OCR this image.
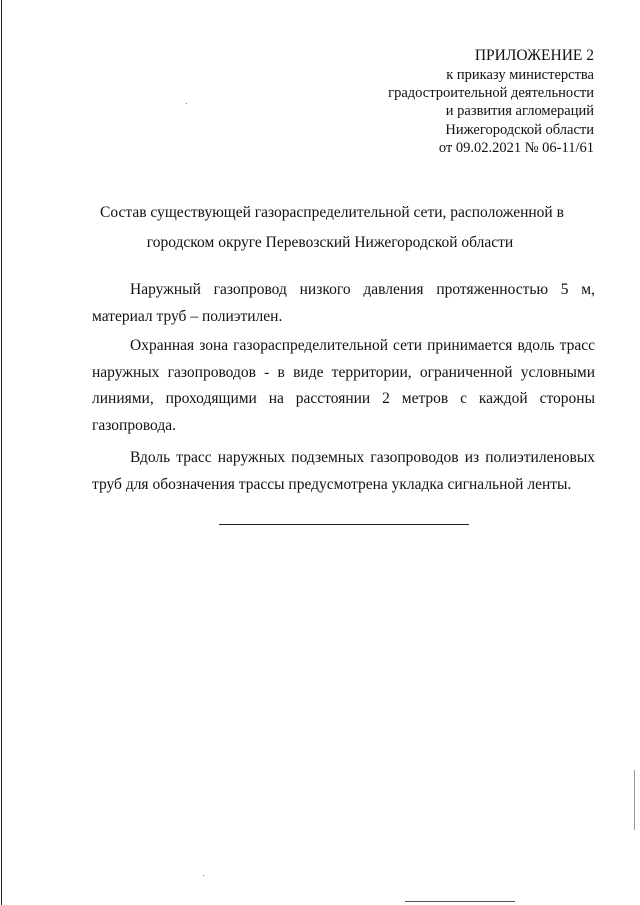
ПРИЛОЖЕНИЕ 2
к приказу министерства
градостроительной деятельности
и развития агломераций
Нижегородской области
от 09.02.2021 № 06-11/61
Состав существующей газораспределительной сети, расположенной в
городском округе Перевозский Нижегородской области

Наружный газопровод низкого давления протяженностью 5 м, материал труб – полиэтилен.

Охранная зона газораспределительной сети принимается вдоль трасс наружных газопроводов - в виде территории, ограниченной условными линиями, проходящими на расстоянии 2 метров с каждой стороны газопровода.

Вдоль трасс наружных подземных газопроводов из полиэтиленовых труб для обозначения трассы предусмотрена укладка сигнальной ленты.
